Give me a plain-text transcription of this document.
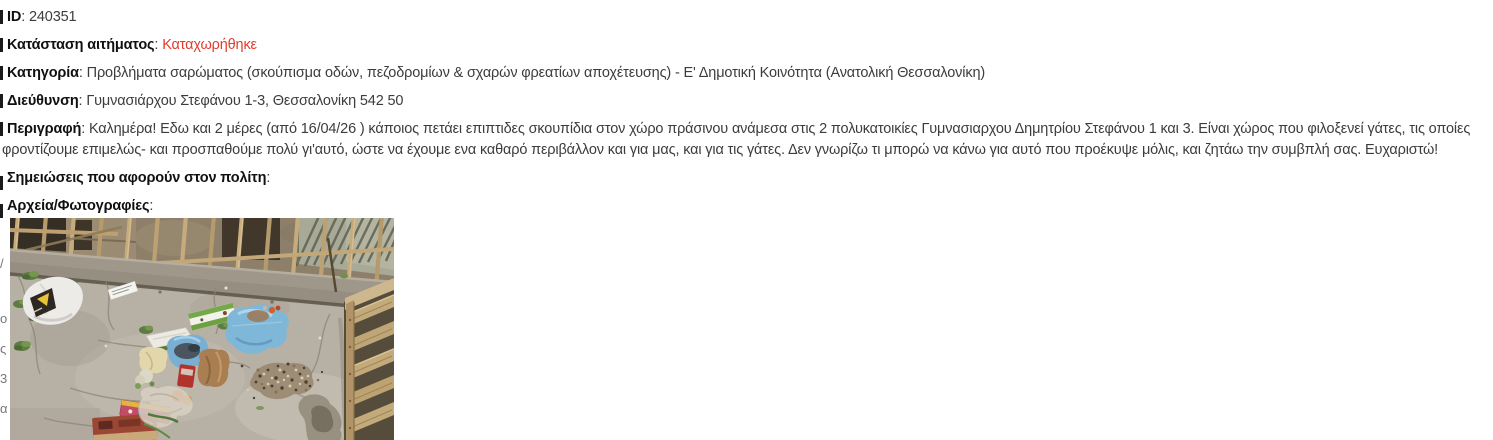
/
ο
ς
3
α

ID: 240351

Κατάσταση αιτήματος: Καταχωρήθηκε

Κατηγορία: Προβλήματα σαρώματος (σκούπισμα οδών, πεζοδρομίων & σχαρών φρεατίων αποχέτευσης) - Ε' Δημοτική Κοινότητα (Ανατολική Θεσσαλονίκη)

Διεύθυνση: Γυμνασιάρχου Στεφάνου 1-3, Θεσσαλονίκη 542 50

Περιγραφή: Καλημέρα! Εδω και 2 μέρες (από 16/04/26 ) κάποιος πετάει επιπτιδες σκουπίδια στον χώρο πράσινου ανάμεσα στις 2 πολυκατοικίες Γυμνασιαρχου Δημητρίου Στεφάνου 1 και 3. Είναι χώρος που φιλοξενεί γάτες, τις οποίες
φροντίζουμε επιμελώς- και προσπαθούμε πολύ γι'αυτό, ώστε να έχουμε ενα καθαρό περιβάλλον και για μας, και για τις γάτες. Δεν γνωρίζω τι μπορώ να κάνω για αυτό που προέκυψε μόλις, και ζητάω την συμβπλή σας. Ευχαριστώ!

Σημειώσεις που αφορούν στον πολίτη:

Αρχεία/Φωτογραφίες:
